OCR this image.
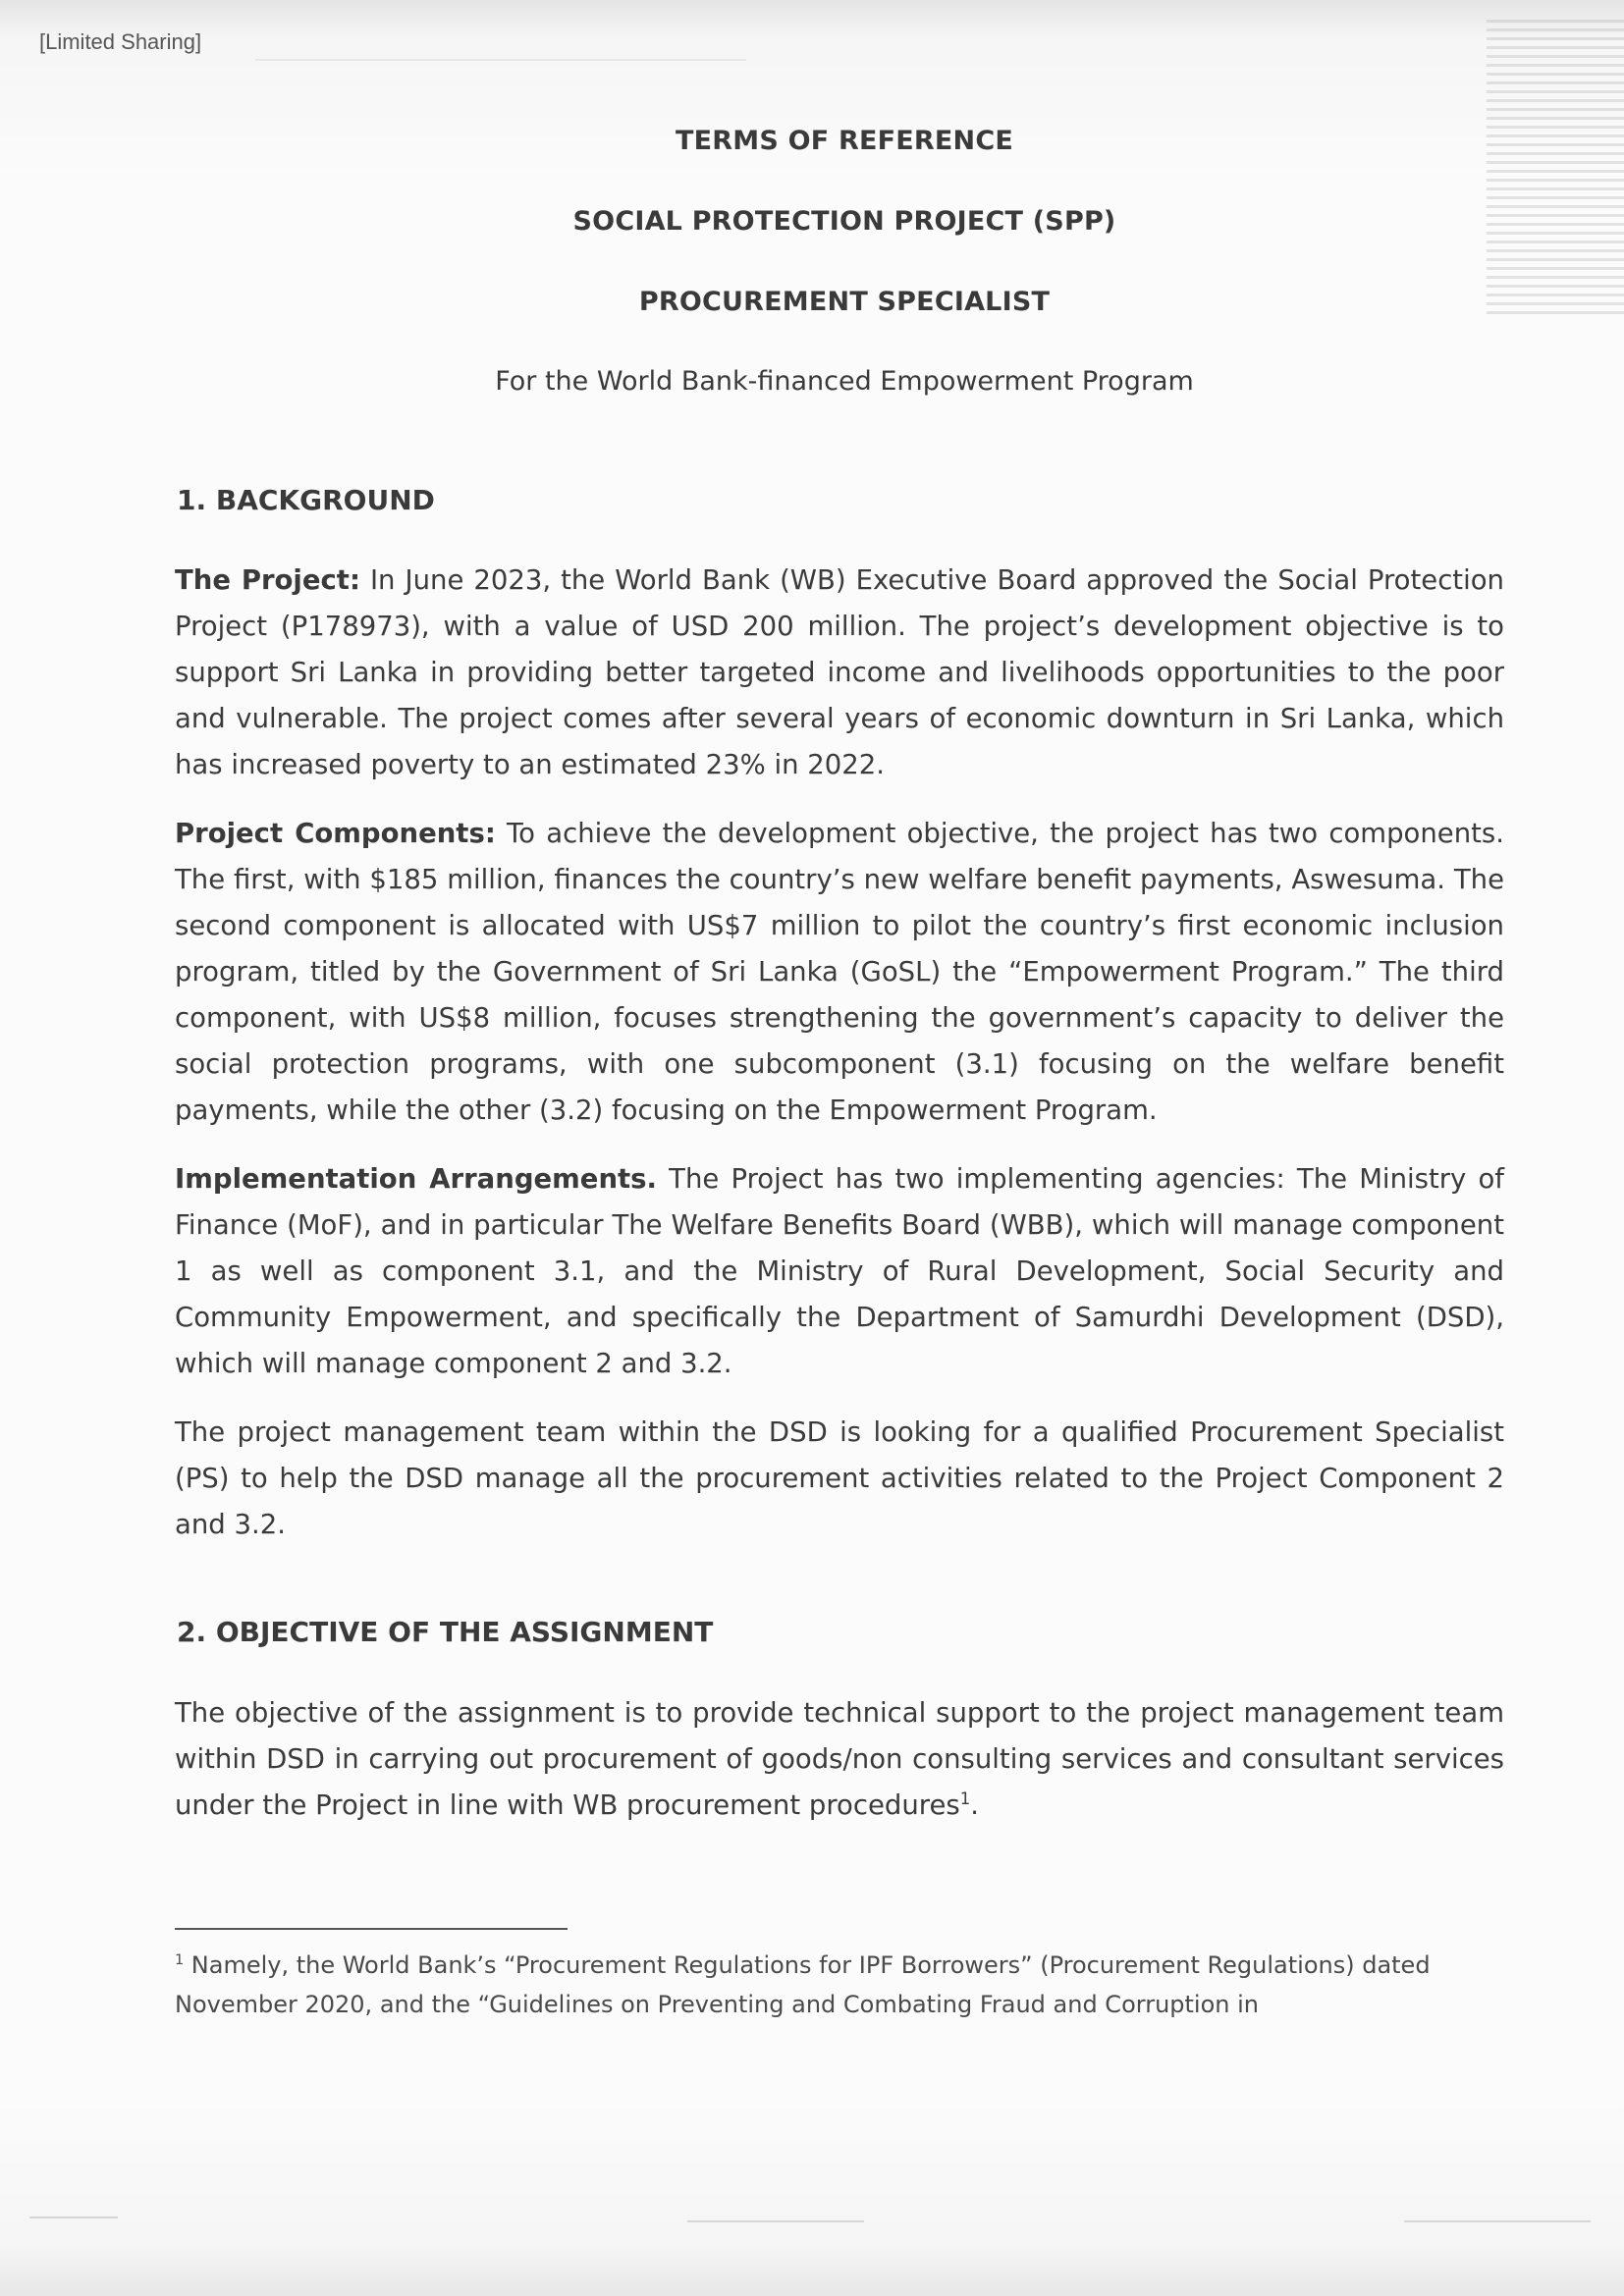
[Limited Sharing]
TERMS OF REFERENCE
SOCIAL PROTECTION PROJECT (SPP)
PROCUREMENT SPECIALIST
For the World Bank-financed Empowerment Program
1. BACKGROUND

The Project: In June 2023, the World Bank (WB) Executive Board approved the Social Protection Project (P178973), with a value of USD 200 million. The project’s development objective is to support Sri Lanka in providing better targeted income and livelihoods opportunities to the poor and vulnerable. The project comes after several years of economic downturn in Sri Lanka, which has increased poverty to an estimated 23% in 2022.

Project Components: To achieve the development objective, the project has two components. The first, with $185 million, finances the country’s new welfare benefit payments, Aswesuma. The second component is allocated with US$7 million to pilot the country’s first economic inclusion program, titled by the Government of Sri Lanka (GoSL) the “Empowerment Program.” The third component, with US$8 million, focuses strengthening the government’s capacity to deliver the social protection programs, with one subcomponent (3.1) focusing on the welfare benefit payments, while the other (3.2) focusing on the Empowerment Program.

Implementation Arrangements. The Project has two implementing agencies: The Ministry of Finance (MoF), and in particular The Welfare Benefits Board (WBB), which will manage component 1 as well as component 3.1, and the Ministry of Rural Development, Social Security and Community Empowerment, and specifically the Department of Samurdhi Development (DSD), which will manage component 2 and 3.2.

The project management team within the DSD is looking for a qualified Procurement Specialist (PS) to help the DSD manage all the procurement activities related to the Project Component 2 and 3.2.

2. OBJECTIVE OF THE ASSIGNMENT

The objective of the assignment is to provide technical support to the project management team within DSD in carrying out procurement of goods/non consulting services and consultant services under the Project in line with WB procurement procedures$^1$.

$^1$ Namely, the World Bank’s “Procurement Regulations for IPF Borrowers” (Procurement Regulations) dated November 2020, and the “Guidelines on Preventing and Combating Fraud and Corruption in
